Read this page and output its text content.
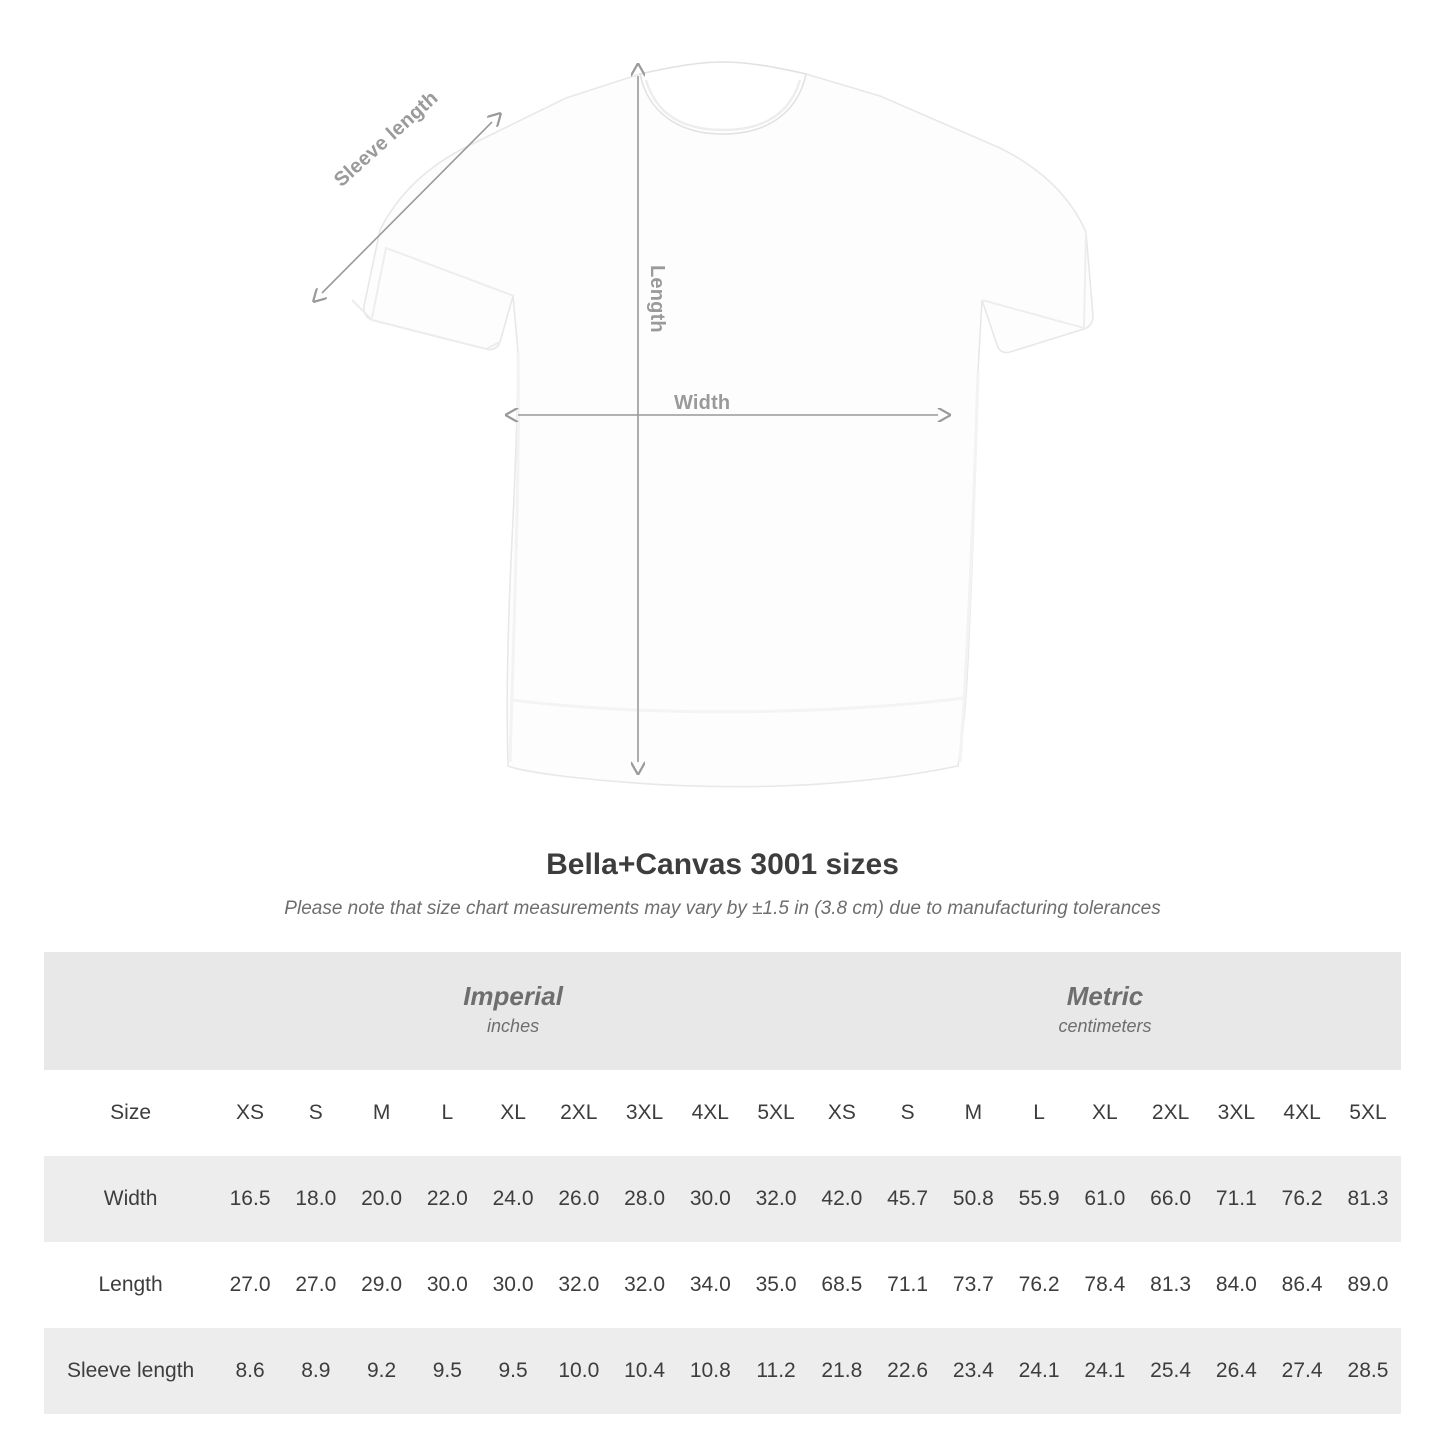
Sleeve length
Length
Width
Bella+Canvas 3001 sizes

Please note that size chart measurements may vary by ±1.5 in (3.8 cm) due to manufacturing tolerances

	Imperial
inches									Metric
centimeters								

Size	XS	S	M	L	XL	2XL	3XL	4XL	5XL	XS	S	M	L	XL	2XL	3XL	4XL	5XL
Width	16.5	18.0	20.0	22.0	24.0	26.0	28.0	30.0	32.0	42.0	45.7	50.8	55.9	61.0	66.0	71.1	76.2	81.3
Length	27.0	27.0	29.0	30.0	30.0	32.0	32.0	34.0	35.0	68.5	71.1	73.7	76.2	78.4	81.3	84.0	86.4	89.0
Sleeve length	8.6	8.9	9.2	9.5	9.5	10.0	10.4	10.8	11.2	21.8	22.6	23.4	24.1	24.1	25.4	26.4	27.4	28.5
